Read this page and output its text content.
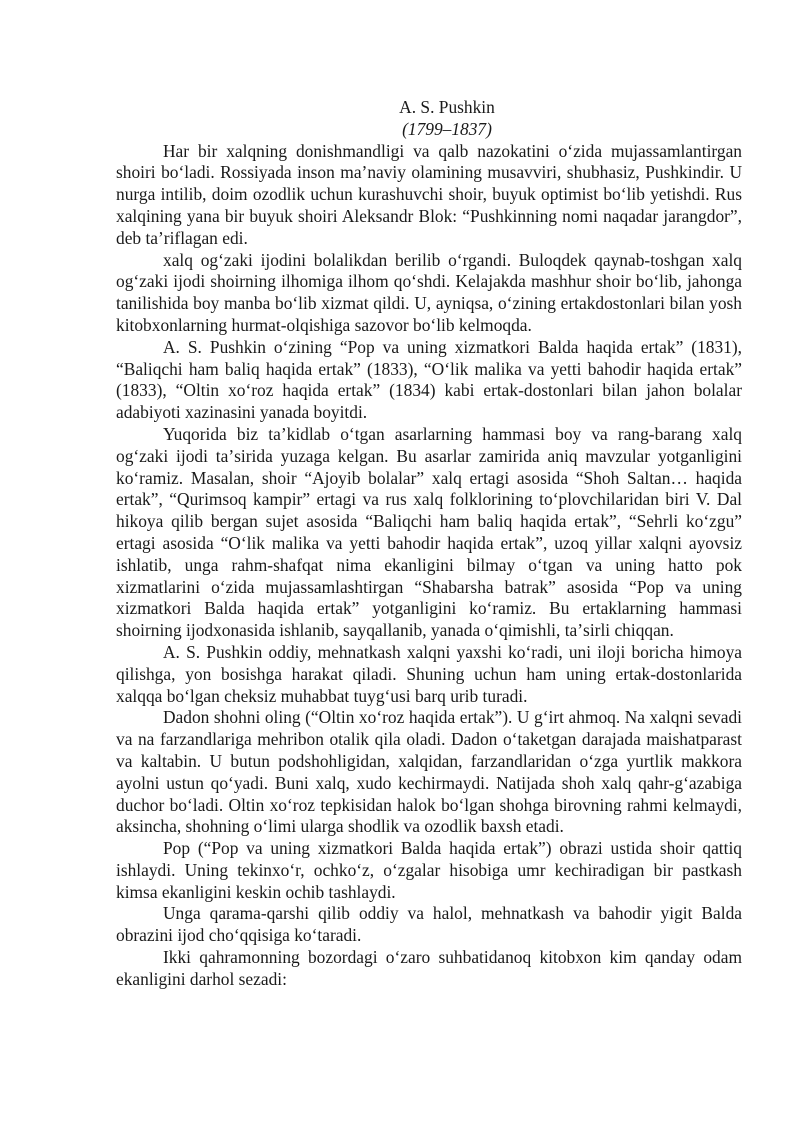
A. S. Pushkin

(1799–1837)

Har bir xalqning donishmandligi va qalb nazokatini oʻzida mujassamlantirgan shoiri boʻladi. Rossiyada inson maʼnaviy olamining musavviri, shubhasiz, Pushkindir. U nurga intilib, doim ozodlik uchun kurashuvchi shoir, buyuk optimist boʻlib yetishdi. Rus xalqining yana bir buyuk shoiri Aleksandr Blok: “Pushkinning nomi naqadar jarangdor”, deb taʼriflagan edi.

xalq ogʻzaki ijodini bolalikdan berilib oʻrgandi. Buloqdek qaynab-toshgan xalq ogʻzaki ijodi shoirning ilhomiga ilhom qoʻshdi. Kelajakda mashhur shoir boʻlib, jahonga tanilishida boy manba boʻlib xizmat qildi. U, ayniqsa, oʻzining ertakdostonlari bilan yosh kitobxonlarning hurmat-olqishiga sazovor boʻlib kelmoqda.

A. S. Pushkin oʻzining “Pop va uning xizmatkori Balda haqida ertak” (1831), “Baliqchi ham baliq haqida ertak” (1833), “Oʻlik malika va yetti bahodir haqida ertak” (1833), “Oltin xoʻroz haqida ertak” (1834) kabi ertak-dostonlari bilan jahon bolalar adabiyoti xazinasini yanada boyitdi.

Yuqorida biz taʼkidlab oʻtgan asarlarning hammasi boy va rang-barang xalq ogʻzaki ijodi taʼsirida yuzaga kelgan. Bu asarlar zamirida aniq mavzular yotganligini koʻramiz. Masalan, shoir “Ajoyib bolalar” xalq ertagi asosida “Shoh Saltan… haqida ertak”, “Qurimsoq kampir” ertagi va rus xalq folklorining toʻplovchilaridan biri V. Dal hikoya qilib bergan sujet asosida “Baliqchi ham baliq haqida ertak”, “Sehrli koʻzgu” ertagi asosida “Oʻlik malika va yetti bahodir haqida ertak”, uzoq yillar xalqni ayovsiz ishlatib, unga rahm-shafqat nima ekanligini bilmay oʻtgan va uning hatto pok xizmatlarini oʻzida mujassamlashtirgan “Shabarsha batrak” asosida “Pop va uning xizmatkori Balda haqida ertak” yotganligini koʻramiz. Bu ertaklarning hammasi shoirning ijodxonasida ishlanib, sayqallanib, yanada oʻqimishli, taʼsirli chiqqan.

A. S. Pushkin oddiy, mehnatkash xalqni yaxshi koʻradi, uni iloji boricha himoya qilishga, yon bosishga harakat qiladi. Shuning uchun ham uning ertak-dostonlarida xalqqa boʻlgan cheksiz muhabbat tuygʻusi barq urib turadi.

Dadon shohni oling (“Oltin xoʻroz haqida ertak”). U gʻirt ahmoq. Na xalqni sevadi va na farzandlariga mehribon otalik qila oladi. Dadon oʻtaketgan darajada maishatparast va kaltabin. U butun podshohligidan, xalqidan, farzandlaridan oʻzga yurtlik makkora ayolni ustun qoʻyadi. Buni xalq, xudo kechirmaydi. Natijada shoh xalq qahr-gʻazabiga duchor boʻladi. Oltin xoʻroz tepkisidan halok boʻlgan shohga birovning rahmi kelmaydi, aksincha, shohning oʻlimi ularga shodlik va ozodlik baxsh etadi.

Pop (“Pop va uning xizmatkori Balda haqida ertak”) obrazi ustida shoir qattiq ishlaydi. Uning tekinxoʻr, ochkoʻz, oʻzgalar hisobiga umr kechiradigan bir pastkash kimsa ekanligini keskin ochib tashlaydi.

Unga qarama-qarshi qilib oddiy va halol, mehnatkash va bahodir yigit Balda obrazini ijod choʻqqisiga koʻtaradi.

Ikki qahramonning bozordagi oʻzaro suhbatidanoq kitobxon kim qanday odam ekanligini darhol sezadi:
